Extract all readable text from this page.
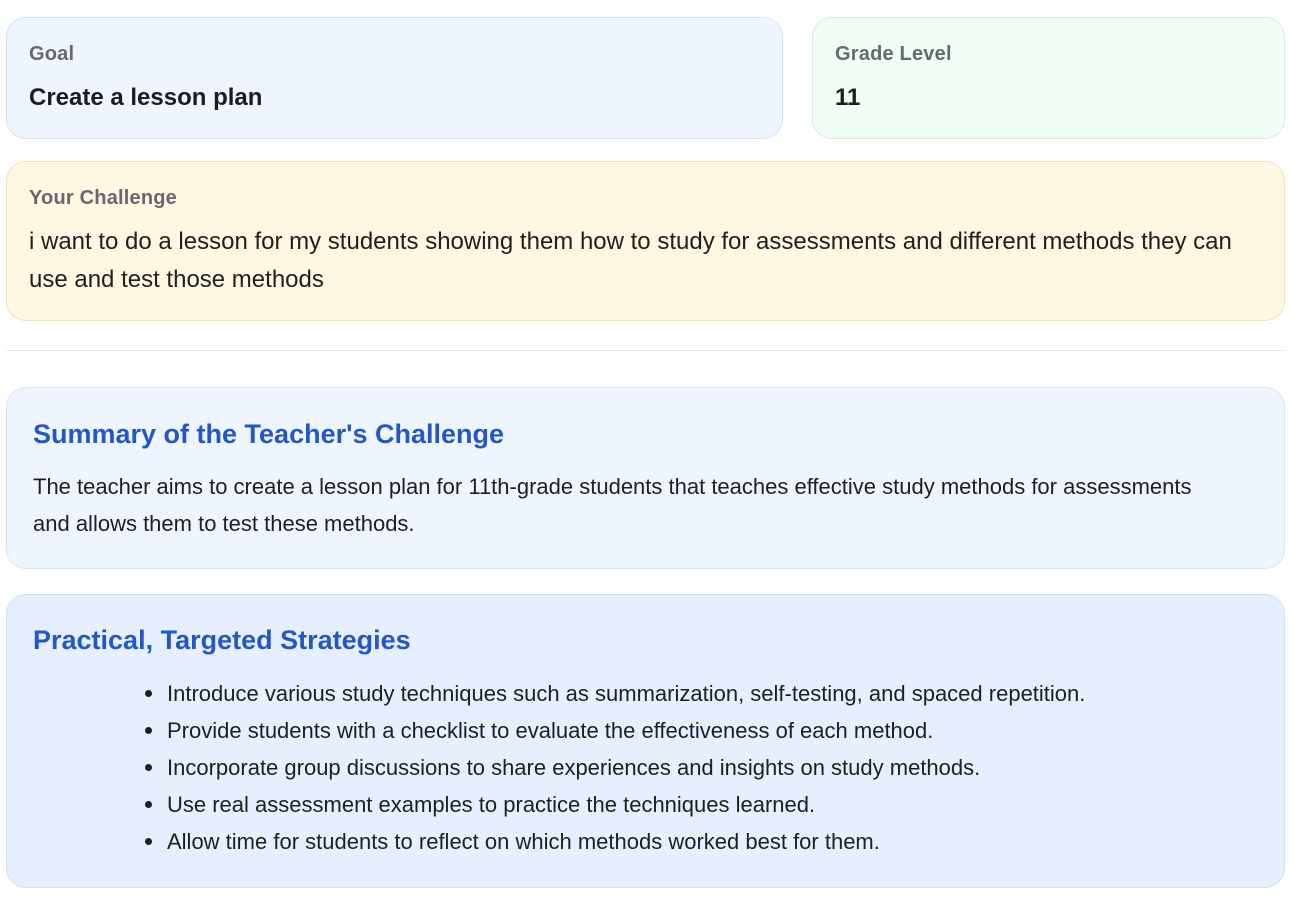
Goal
Create a lesson plan
Grade Level
11
Your Challenge
i want to do a lesson for my students showing them how to study for assessments and different methods they can use and test those methods
Summary of the Teacher's Challenge
The teacher aims to create a lesson plan for 11th-grade students that teaches effective study methods for assessments and allows them to test these methods.
Practical, Targeted Strategies
Introduce various study techniques such as summarization, self-testing, and spaced repetition.
Provide students with a checklist to evaluate the effectiveness of each method.
Incorporate group discussions to share experiences and insights on study methods.
Use real assessment examples to practice the techniques learned.
Allow time for students to reflect on which methods worked best for them.
